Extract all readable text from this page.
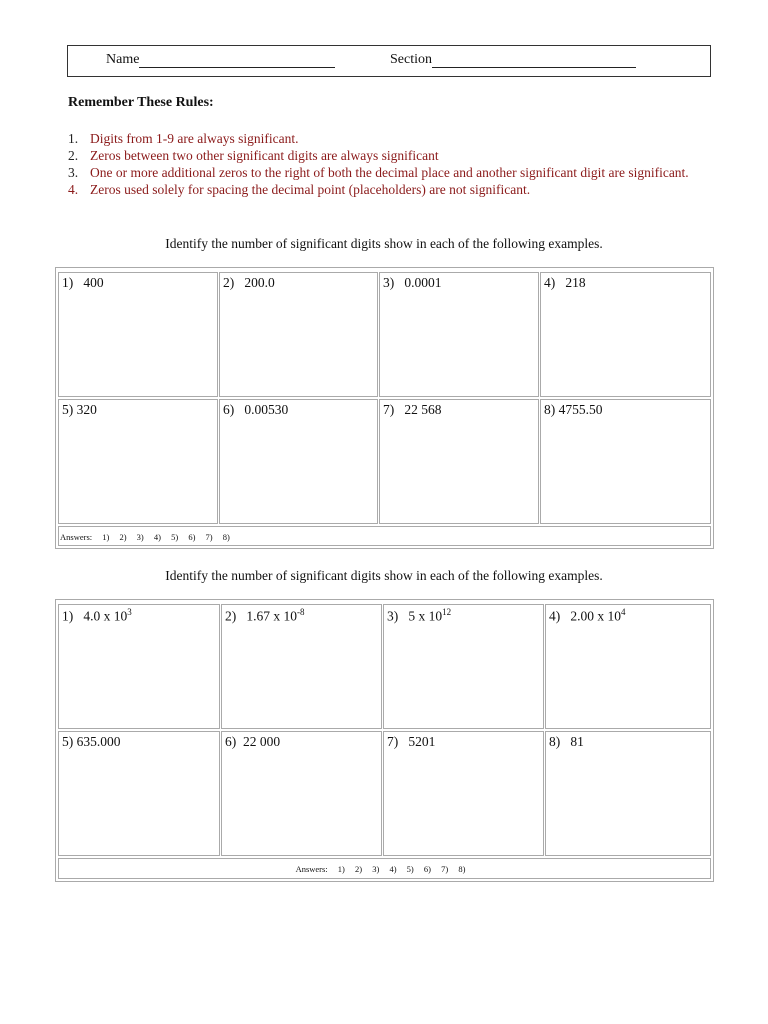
Name	Section
Remember These Rules:
1. Digits from 1-9 are always significant.
2. Zeros between two other significant digits are always significant
3. One or more additional zeros to the right of both the decimal place and another significant digit are significant.
4. Zeros used solely for spacing the decimal point (placeholders) are not significant.
Identify the number of significant digits show in each of the following examples.
1) 400	2) 200.0	3) 0.0001	4) 218
5) 320	6) 0.00530	7) 22 568	8) 4755.50
Answers: 1) 2) 3) 4) 5) 6) 7) 8)
Identify the number of significant digits show in each of the following examples.
1) 4.0 x $10^3$	2) 1.67 x $10^{-8}$	3) 5 x $10^{12}$	4) 2.00 x $10^4$
5) 635.000	6) 22 000	7) 5201	8) 81
Answers: 1) 2) 3) 4) 5) 6) 7) 8)
